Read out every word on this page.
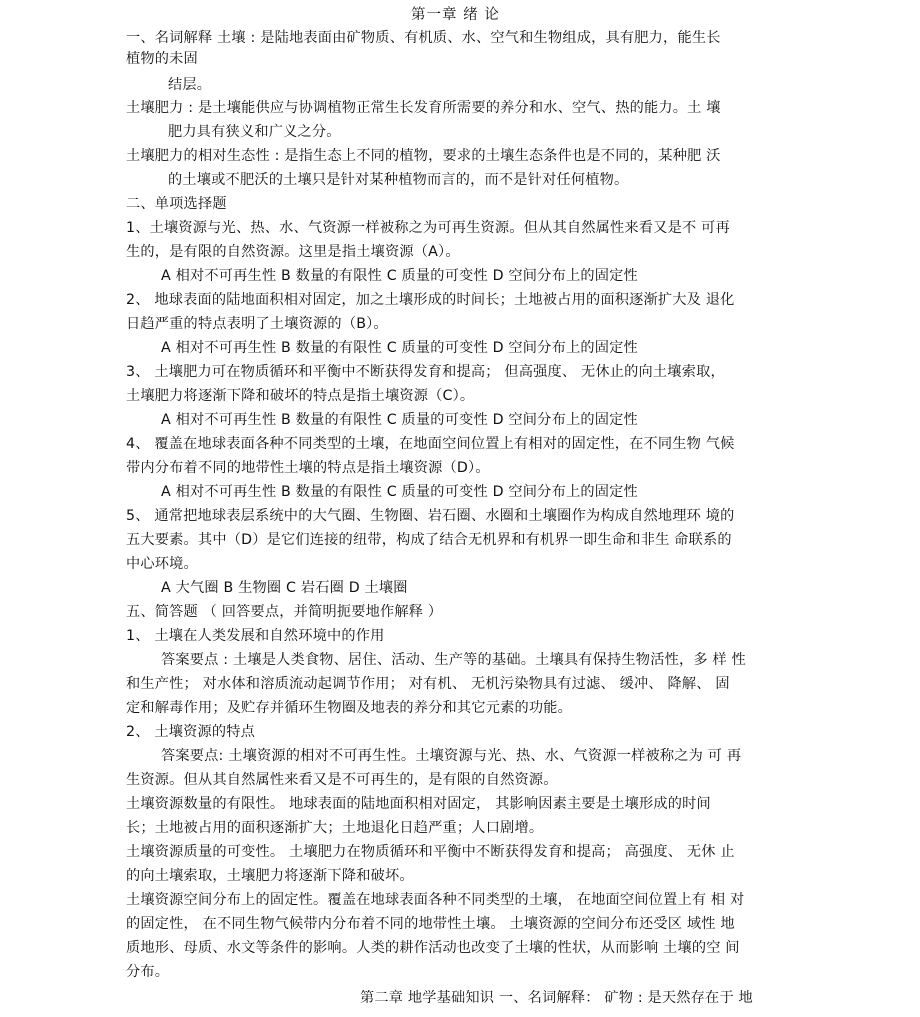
第一章 绪 论
一、名词解释 土壤 : 是陆地表面由矿物质、有机质、水、空气和生物组成，具有肥力，能生长
植物的未固
结层。
土壤肥力 : 是土壤能供应与协调植物正常生长发育所需要的养分和水、空气、热的能力。土 壤
肥力具有狭义和广义之分。
土壤肥力的相对生态性 : 是指生态上不同的植物，要求的土壤生态条件也是不同的，某种肥 沃
的土壤或不肥沃的土壤只是针对某种植物而言的，而不是针对任何植物。
二、单项选择题
1、土壤资源与光、热、水、气资源一样被称之为可再生资源。但从其自然属性来看又是不 可再
生的，是有限的自然资源。这里是指土壤资源（A）。
A 相对不可再生性 B 数量的有限性 C 质量的可变性 D 空间分布上的固定性
2、 地球表面的陆地面积相对固定，加之土壤形成的时间长；土地被占用的面积逐渐扩大及 退化
日趋严重的特点表明了土壤资源的（B）。
A 相对不可再生性 B 数量的有限性 C 质量的可变性 D 空间分布上的固定性
3、 土壤肥力可在物质循环和平衡中不断获得发育和提高； 但高强度、 无休止的向土壤索取，
土壤肥力将逐渐下降和破坏的特点是指土壤资源（C）。
A 相对不可再生性 B 数量的有限性 C 质量的可变性 D 空间分布上的固定性
4、 覆盖在地球表面各种不同类型的土壤，在地面空间位置上有相对的固定性，在不同生物 气候
带内分布着不同的地带性土壤的特点是指土壤资源（D）。
A 相对不可再生性 B 数量的有限性 C 质量的可变性 D 空间分布上的固定性
5、 通常把地球表层系统中的大气圈、生物圈、岩石圈、水圈和土壤圈作为构成自然地理环 境的
五大要素。其中（D）是它们连接的纽带，构成了结合无机界和有机界一即生命和非生 命联系的
中心环境。
A 大气圈 B 生物圈 C 岩石圈 D 土壤圈
五、简答题 （ 回答要点，并简明扼要地作解释 ）
1、 土壤在人类发展和自然环境中的作用
答案要点 : 土壤是人类食物、居住、活动、生产等的基础。土壤具有保持生物活性，多 样 性
和生产性； 对水体和溶质流动起调节作用； 对有机、 无机污染物具有过滤、 缓冲、 降解、 固
定和解毒作用；及贮存并循环生物圈及地表的养分和其它元素的功能。
2、 土壤资源的特点
答案要点: 土壤资源的相对不可再生性。土壤资源与光、热、水、气资源一样被称之为 可 再
生资源。但从其自然属性来看又是不可再生的，是有限的自然资源。
土壤资源数量的有限性。 地球表面的陆地面积相对固定， 其影响因素主要是土壤形成的时间
长；土地被占用的面积逐渐扩大；土地退化日趋严重；人口剧增。
土壤资源质量的可变性。 土壤肥力在物质循环和平衡中不断获得发育和提高； 高强度、 无休 止
的向土壤索取，土壤肥力将逐渐下降和破坏。
土壤资源空间分布上的固定性。覆盖在地球表面各种不同类型的土壤， 在地面空间位置上有 相 对
的固定性， 在不同生物气候带内分布着不同的地带性土壤。 土壤资源的空间分布还受区 域性 地
质地形、母质、水文等条件的影响。人类的耕作活动也改变了土壤的性状，从而影响 土壤的空 间
分布。
第二章 地学基础知识 一、名词解释： 矿物 : 是天然存在于 地
